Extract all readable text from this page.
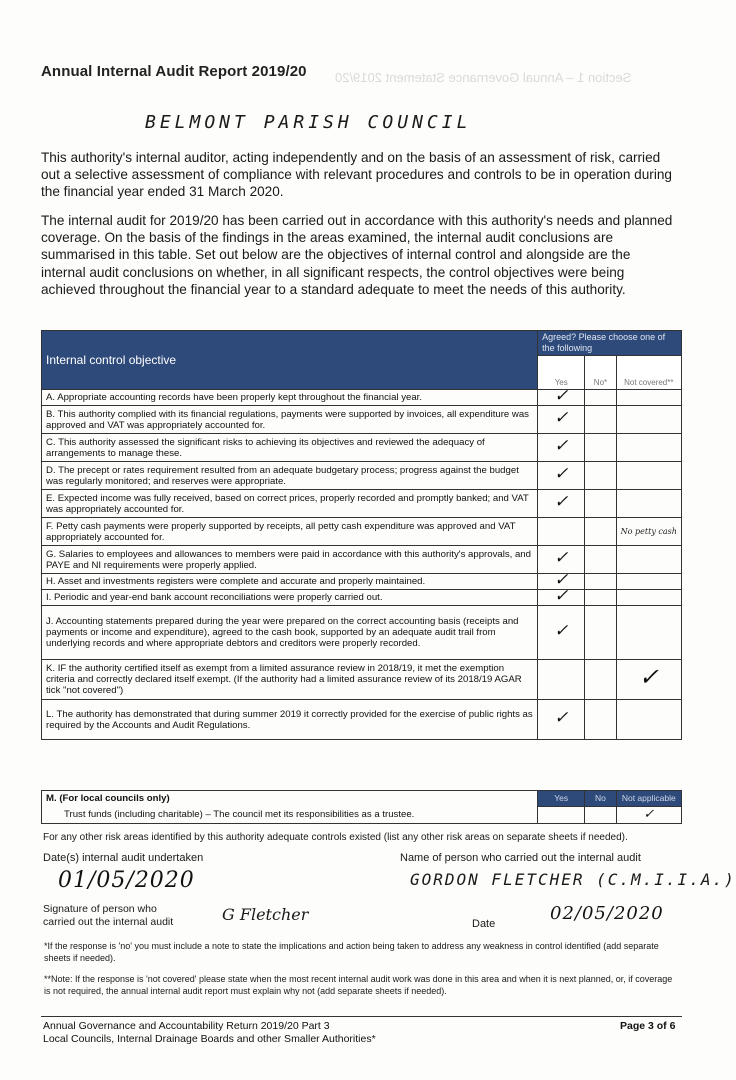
Section 1 – Annual Governance Statement 2019/20
Annual Internal Audit Report 2019/20
BELMONT PARISH COUNCIL
This authority's internal auditor, acting independently and on the basis of an assessment of risk, carried out a selective assessment of compliance with relevant procedures and controls to be in operation during the financial year ended 31 March 2020.
The internal audit for 2019/20 has been carried out in accordance with this authority's needs and planned coverage. On the basis of the findings in the areas examined, the internal audit conclusions are summarised in this table. Set out below are the objectives of internal control and alongside are the internal audit conclusions on whether, in all significant respects, the control objectives were being achieved throughout the financial year to a standard adequate to meet the needs of this authority.
Internal control objective	Agreed? Please choose one of the following		
	Yes	No*	Not covered**
A. Appropriate accounting records have been properly kept throughout the financial year.	✓		
B. This authority complied with its financial regulations, payments were supported by invoices, all expenditure was approved and VAT was appropriately accounted for.	✓		
C. This authority assessed the significant risks to achieving its objectives and reviewed the adequacy of arrangements to manage these.	✓		
D. The precept or rates requirement resulted from an adequate budgetary process; progress against the budget was regularly monitored; and reserves were appropriate.	✓		
E. Expected income was fully received, based on correct prices, properly recorded and promptly banked; and VAT was appropriately accounted for.	✓		
F. Petty cash payments were properly supported by receipts, all petty cash expenditure was approved and VAT appropriately accounted for.			No petty cash
G. Salaries to employees and allowances to members were paid in accordance with this authority's approvals, and PAYE and NI requirements were properly applied.	✓		
H. Asset and investments registers were complete and accurate and properly maintained.	✓		
I. Periodic and year-end bank account reconciliations were properly carried out.	✓		
J. Accounting statements prepared during the year were prepared on the correct accounting basis (receipts and payments or income and expenditure), agreed to the cash book, supported by an adequate audit trail from underlying records and where appropriate debtors and creditors were properly recorded.	✓		
K. IF the authority certified itself as exempt from a limited assurance review in 2018/19, it met the exemption criteria and correctly declared itself exempt. (If the authority had a limited assurance review of its 2018/19 AGAR tick "not covered")			✓
L. The authority has demonstrated that during summer 2019 it correctly provided for the exercise of public rights as required by the Accounts and Audit Regulations.	✓		
M. (For local councils only)	Yes	No	Not applicable
Trust funds (including charitable) – The council met its responsibilities as a trustee.			✓
For any other risk areas identified by this authority adequate controls existed (list any other risk areas on separate sheets if needed).
Date(s) internal audit undertaken	Name of person who carried out the internal audit
01/05/2020	GORDON FLETCHER (C.M.I.I.A.)
Signature of person who
carried out the internal audit	G Fletcher	Date	02/05/2020
*If the response is 'no' you must include a note to state the implications and action being taken to address any weakness in control identified (add separate sheets if needed).
**Note: If the response is 'not covered' please state when the most recent internal audit work was done in this area and when it is next planned, or, if coverage is not required, the annual internal audit report must explain why not (add separate sheets if needed).
Annual Governance and Accountability Return 2019/20 Part 3
Local Councils, Internal Drainage Boards and other Smaller Authorities*
Page 3 of 6
